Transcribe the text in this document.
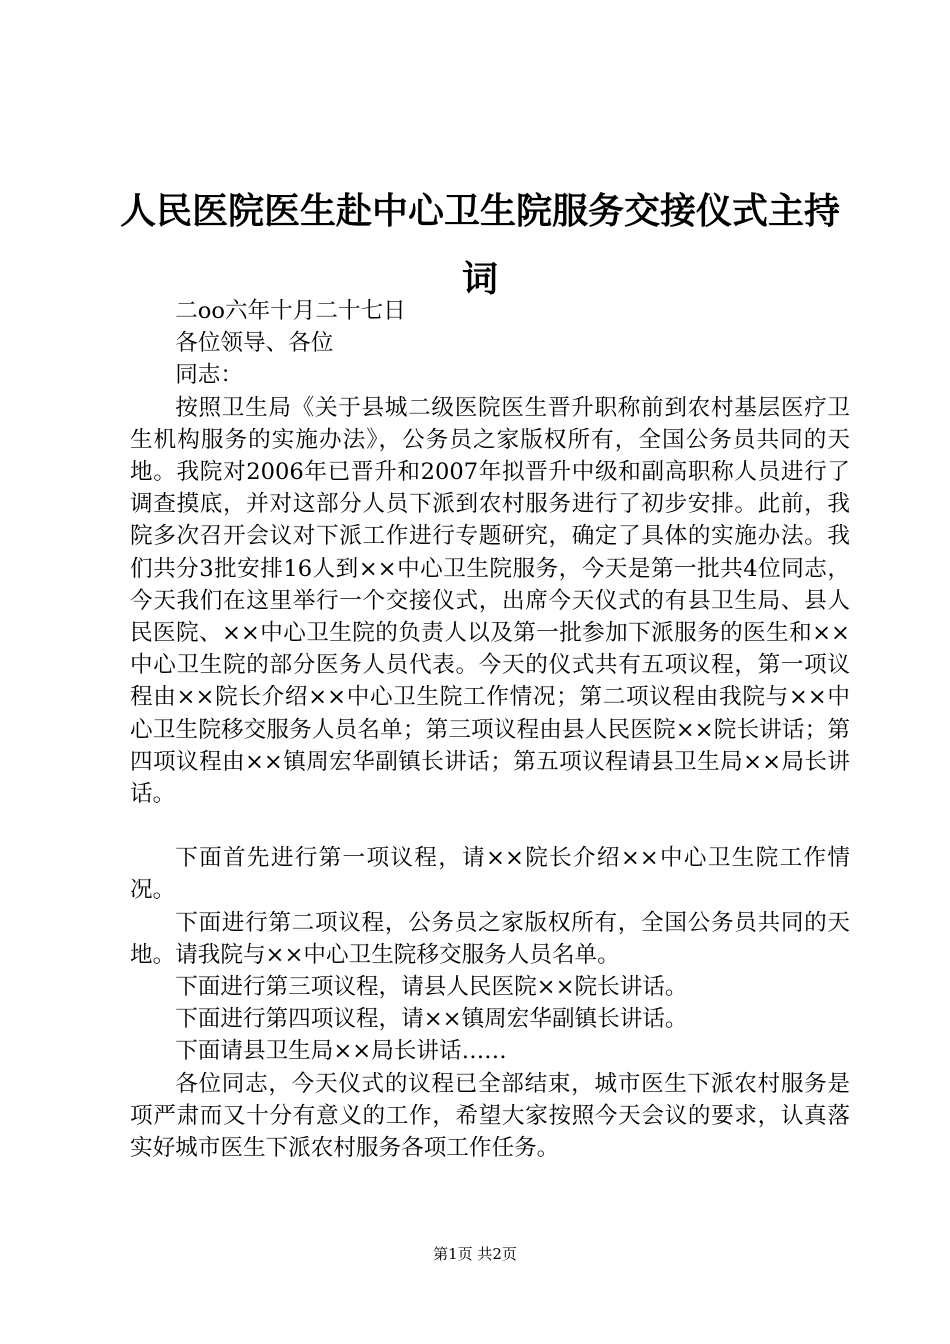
人民医院医生赴中心卫生院服务交接仪式主持词

二oo六年十月二十七日

各位领导、各位

同志：

按照卫生局《关于县城二级医院医生晋升职称前到农村基层医疗卫生机构服务的实施办法》，公务员之家版权所有，全国公务员共同的天地。我院对2006年已晋升和2007年拟晋升中级和副高职称人员进行了调查摸底，并对这部分人员下派到农村服务进行了初步安排。此前，我院多次召开会议对下派工作进行专题研究，确定了具体的实施办法。我们共分3批安排16人到××中心卫生院服务，今天是第一批共4位同志，今天我们在这里举行一个交接仪式，出席今天仪式的有县卫生局、县人民医院、××中心卫生院的负责人以及第一批参加下派服务的医生和××中心卫生院的部分医务人员代表。今天的仪式共有五项议程，第一项议程由××院长介绍××中心卫生院工作情况；第二项议程由我院与××中心卫生院移交服务人员名单；第三项议程由县人民医院××院长讲话；第四项议程由××镇周宏华副镇长讲话；第五项议程请县卫生局××局长讲话。

下面首先进行第一项议程，请××院长介绍××中心卫生院工作情况。

下面进行第二项议程，公务员之家版权所有，全国公务员共同的天地。请我院与××中心卫生院移交服务人员名单。

下面进行第三项议程，请县人民医院××院长讲话。

下面进行第四项议程，请××镇周宏华副镇长讲话。

下面请县卫生局××局长讲话……

各位同志，今天仪式的议程已全部结束，城市医生下派农村服务是项严肃而又十分有意义的工作，希望大家按照今天会议的要求，认真落实好城市医生下派农村服务各项工作任务。

第1页 共2页
